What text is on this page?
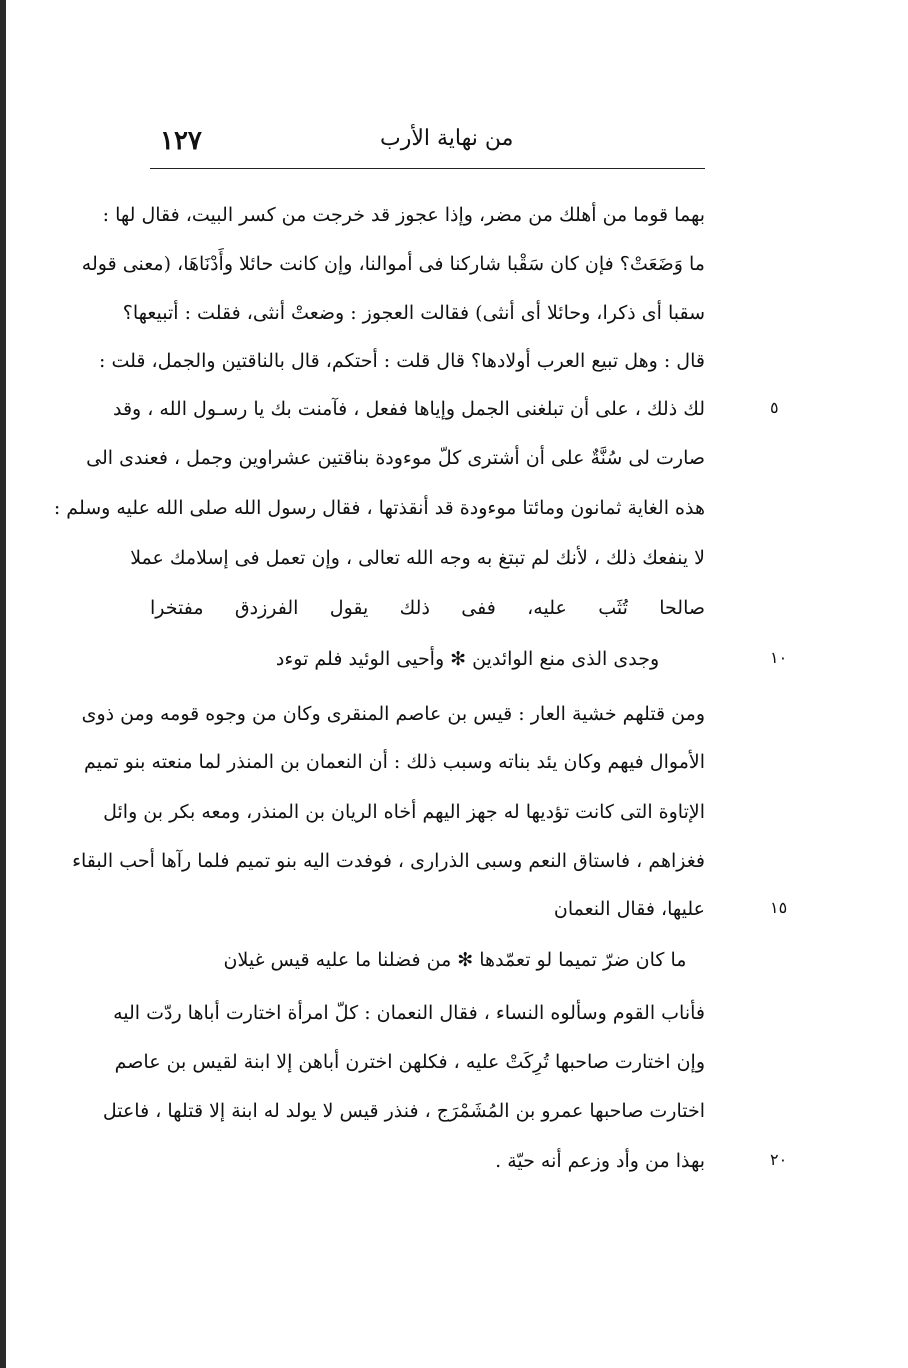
١٢٧	من نهاية الأرب
بهما قوما من أهلك من مضر، وإذا عجوز قد خرجت من كسر البيت، فقال لها :
ما وَضَعَتْ؟ فإن كان سَقْبا شاركنا فى أموالنا، وإن كانت حائلا وأَدْنَاهَا، (معنى قوله
سقبا أى ذكرا، وحائلا أى أنثى) فقالت العجوز : وضعتْ أنثى، فقلت : أتبيعها؟
قال : وهل تبيع العرب أولادها؟ قال قلت : أحتكم، قال بالناقتين والجمل، قلت :
لك ذلك ، على أن تبلغنى الجمل وإياها ففعل ، فآمنت بك يا رسـول الله ، وقد
صارت لى سُنَّةٌ على أن أشترى كلّ موءودة بناقتين عشراوين وجمل ، فعندى الى
هذه الغاية ثمانون ومائتا موءودة قد أنقذتها ، فقال رسول الله صلى الله عليه وسلم :
لا ينفعك ذلك ، لأنك لم تبتغ به وجه الله تعالى ، وإن تعمل فى إسلامك عملا
صالحا تُثَب عليه، ففى ذلك يقول الفرزدق مفتخرا
وجدى الذى منع الوائدين ✻ وأحيى الوئيد فلم توءد
ومن قتلهم خشية العار : قيس بن عاصم المنقرى وكان من وجوه قومه ومن ذوى
الأموال فيهم وكان يئد بناته وسبب ذلك : أن النعمان بن المنذر لما منعته بنو تميم
الإتاوة التى كانت تؤديها له جهز اليهم أخاه الريان بن المنذر، ومعه بكر بن وائل
فغزاهم ، فاستاق النعم وسبى الذرارى ، فوفدت اليه بنو تميم فلما رآها أحب البقاء
عليها، فقال النعمان
ما كان ضرّ تميما لو تعمّدها ✻ من فضلنا ما عليه قيس غيلان
فأناب القوم وسألوه النساء ، فقال النعمان : كلّ امرأة اختارت أباها ردّت اليه
وإن اختارت صاحبها تُرِكَتْ عليه ، فكلهن اخترن أباهن إلا ابنة لقيس بن عاصم
اختارت صاحبها عمرو بن المُشَمْرَج ، فنذر قيس لا يولد له ابنة إلا قتلها ، فاعتل
بهذا من وأد وزعم أنه حيّة .
٥
١٠
١٥
٢٠
